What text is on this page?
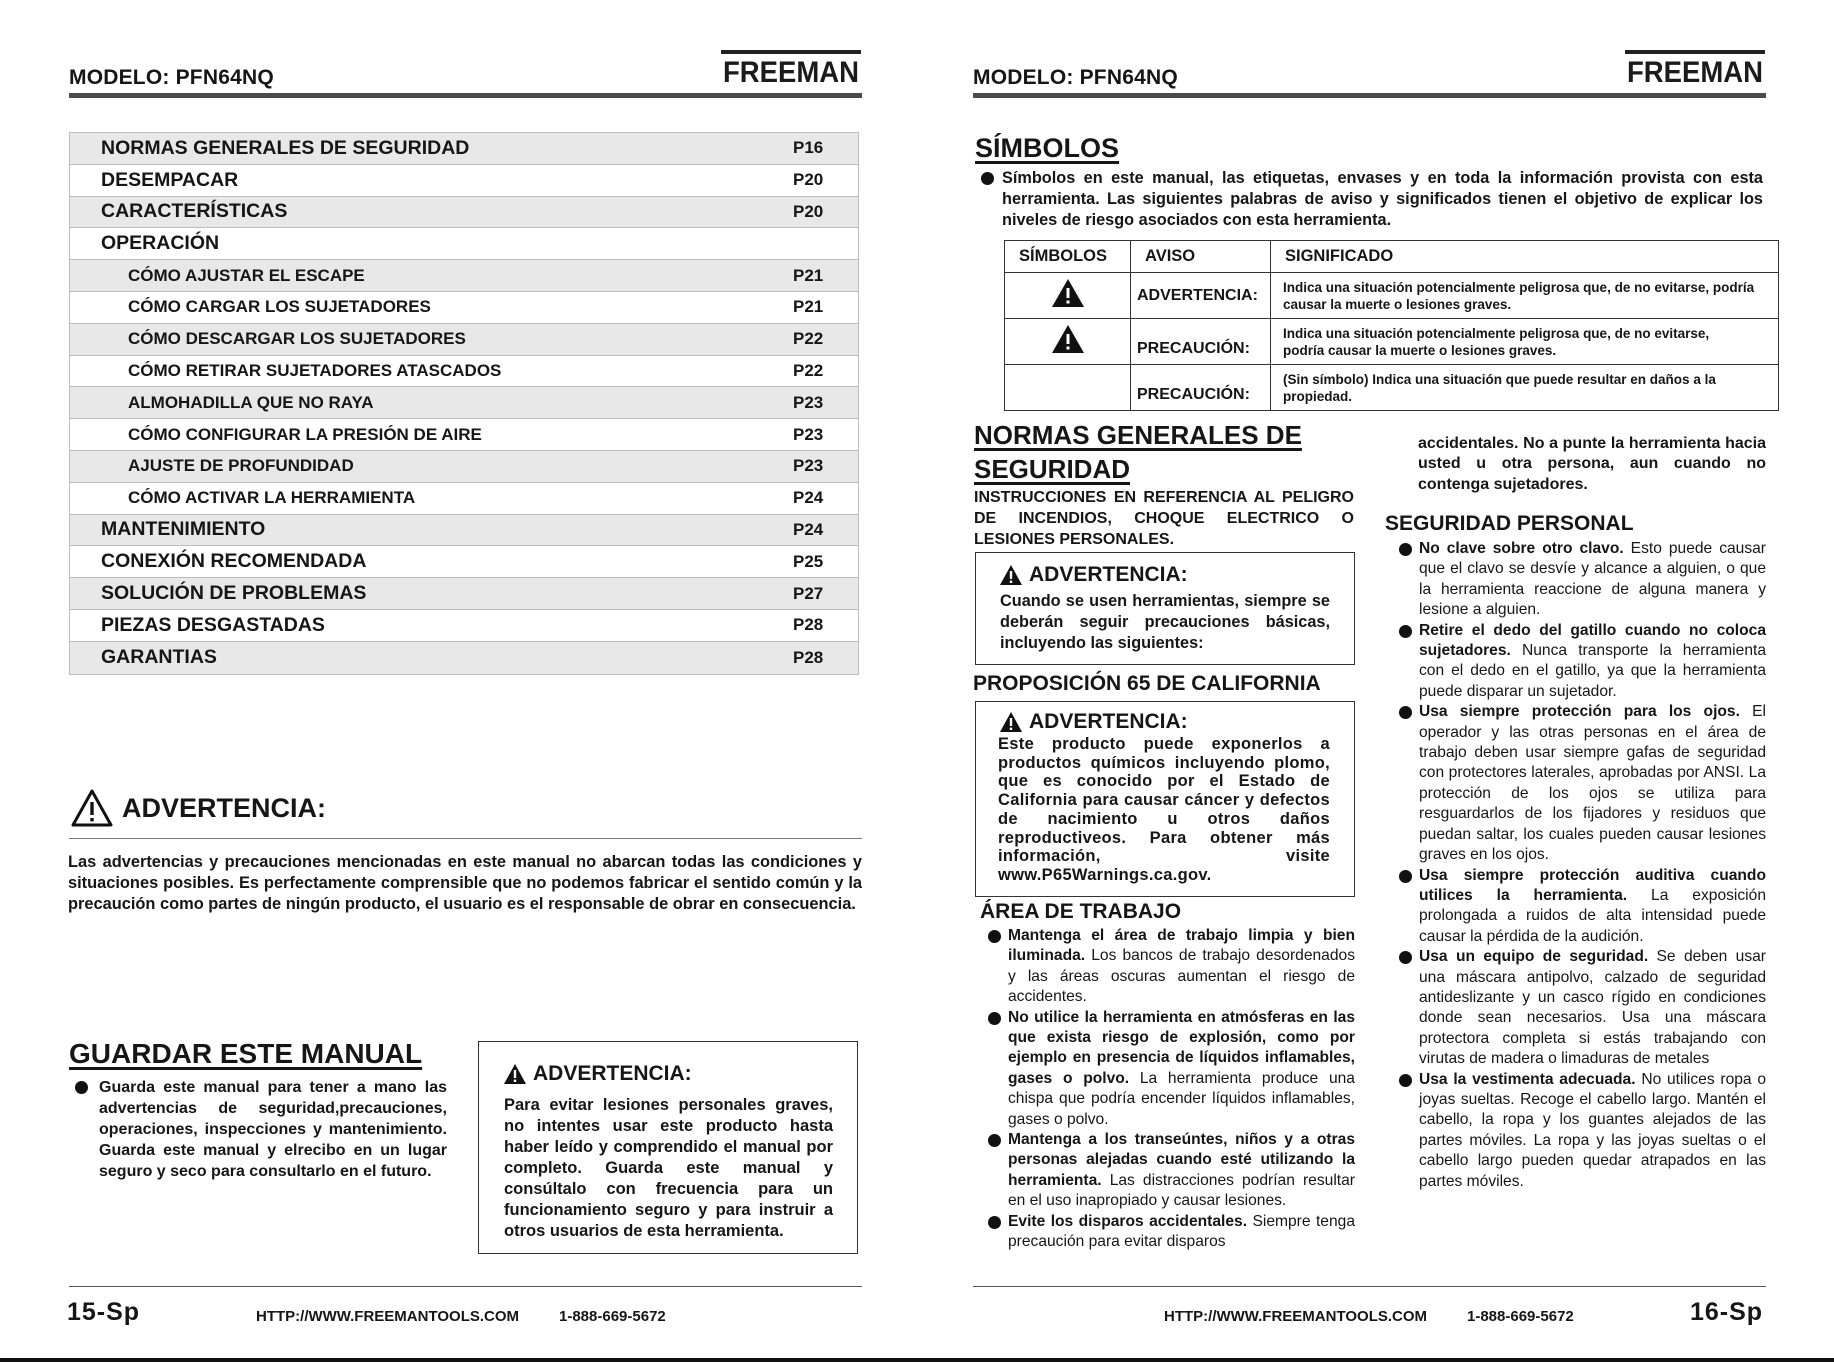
MODELO: PFN64NQ	FREEMAN
NORMAS GENERALES DE SEGURIDAD	P16
DESEMPACAR	P20
CARACTERÍSTICAS	P20
OPERACIÓN
CÓMO AJUSTAR EL ESCAPE	P21
CÓMO CARGAR LOS SUJETADORES	P21
CÓMO DESCARGAR LOS SUJETADORES	P22
CÓMO RETIRAR SUJETADORES ATASCADOS	P22
ALMOHADILLA QUE NO RAYA	P23
CÓMO CONFIGURAR LA PRESIÓN DE AIRE	P23
AJUSTE DE PROFUNDIDAD	P23
CÓMO ACTIVAR LA HERRAMIENTA	P24
MANTENIMIENTO	P24
CONEXIÓN RECOMENDADA	P25
SOLUCIÓN DE PROBLEMAS	P27
PIEZAS DESGASTADAS	P28
GARANTIAS	P28
ADVERTENCIA:
Las advertencias y precauciones mencionadas en este manual no abarcan todas las condiciones y situaciones posibles. Es perfectamente comprensible que no podemos fabricar el sentido común y la precaución como partes de ningún producto, el usuario es el responsable de obrar en consecuencia.
GUARDAR ESTE MANUAL
Guarda este manual para tener a mano las advertencias de seguridad,precauciones, operaciones, inspecciones y mantenimiento. Guarda este manual y elrecibo en un lugar seguro y seco para consultarlo en el futuro.
ADVERTENCIA:
Para evitar lesiones personales graves, no intentes usar este producto hasta haber leído y comprendido el manual por completo. Guarda este manual y consúltalo con frecuencia para un funcionamiento seguro y para instruir a otros usuarios de esta herramienta.
15-Sp	HTTP://WWW.FREEMANTOOLS.COM	1-888-669-5672
MODELO: PFN64NQ	FREEMAN
SÍMBOLOS
Símbolos en este manual, las etiquetas, envases y en toda la información provista con esta herramienta. Las siguientes palabras de aviso y significados tienen el objetivo de explicar los niveles de riesgo asociados con esta herramienta.
SÍMBOLOS	AVISO	SIGNIFICADO
	ADVERTENCIA:	Indica una situación potencialmente peligrosa que, de no evitarse, podría causar la muerte o lesiones graves.
	PRECAUCIÓN:	Indica una situación potencialmente peligrosa que, de no evitarse,
podría causar la muerte o lesiones graves.
	PRECAUCIÓN:	(Sin símbolo) Indica una situación que puede resultar en daños a la propiedad.
NORMAS GENERALES DE
SEGURIDAD
INSTRUCCIONES EN REFERENCIA AL PELIGRO DE INCENDIOS, CHOQUE ELECTRICO O LESIONES PERSONALES.
ADVERTENCIA:
Cuando se usen herramientas, siempre se deberán seguir precauciones básicas, incluyendo las siguientes:
PROPOSICIÓN 65 DE CALIFORNIA
ADVERTENCIA:
Este producto puede exponerlos a productos químicos incluyendo plomo, que es conocido por el Estado de California para causar cáncer y defectos de nacimiento u otros daños reproductiveos. Para obtener más información, visite www.P65Warnings.ca.gov.
ÁREA DE TRABAJO
Mantenga el área de trabajo limpia y bien iluminada. Los bancos de trabajo desordenados y las áreas oscuras aumentan el riesgo de accidentes.
No utilice la herramienta en atmósferas en las que exista riesgo de explosión, como por ejemplo en presencia de líquidos inflamables, gases o polvo. La herramienta produce una chispa que podría encender líquidos inflamables, gases o polvo.
Mantenga a los transeúntes, niños y a otras personas alejadas cuando esté utilizando la herramienta. Las distracciones podrían resultar en el uso inapropiado y causar lesiones.
Evite los disparos accidentales. Siempre tenga precaución para evitar disparos
accidentales. No a punte la herramienta hacia usted u otra persona, aun cuando no contenga sujetadores.
SEGURIDAD PERSONAL
No clave sobre otro clavo. Esto puede causar que el clavo se desvíe y alcance a alguien, o que la herramienta reaccione de alguna manera y lesione a alguien.
Retire el dedo del gatillo cuando no coloca sujetadores. Nunca transporte la herramienta con el dedo en el gatillo, ya que la herramienta puede disparar un sujetador.
Usa siempre protección para los ojos. El operador y las otras personas en el área de trabajo deben usar siempre gafas de seguridad con protectores laterales, aprobadas por ANSI. La protección de los ojos se utiliza para resguardarlos de los fijadores y residuos que puedan saltar, los cuales pueden causar lesiones graves en los ojos.
Usa siempre protección auditiva cuando utilices la herramienta. La exposición prolongada a ruidos de alta intensidad puede causar la pérdida de la audición.
Usa un equipo de seguridad. Se deben usar una máscara antipolvo, calzado de seguridad antideslizante y un casco rígido en condiciones donde sean necesarios. Usa una máscara protectora completa si estás trabajando con virutas de madera o limaduras de metales
Usa la vestimenta adecuada. No utilices ropa o joyas sueltas. Recoge el cabello largo. Mantén el cabello, la ropa y los guantes alejados de las partes móviles. La ropa y las joyas sueltas o el cabello largo pueden quedar atrapados en las partes móviles.
HTTP://WWW.FREEMANTOOLS.COM	1-888-669-5672	16-Sp
